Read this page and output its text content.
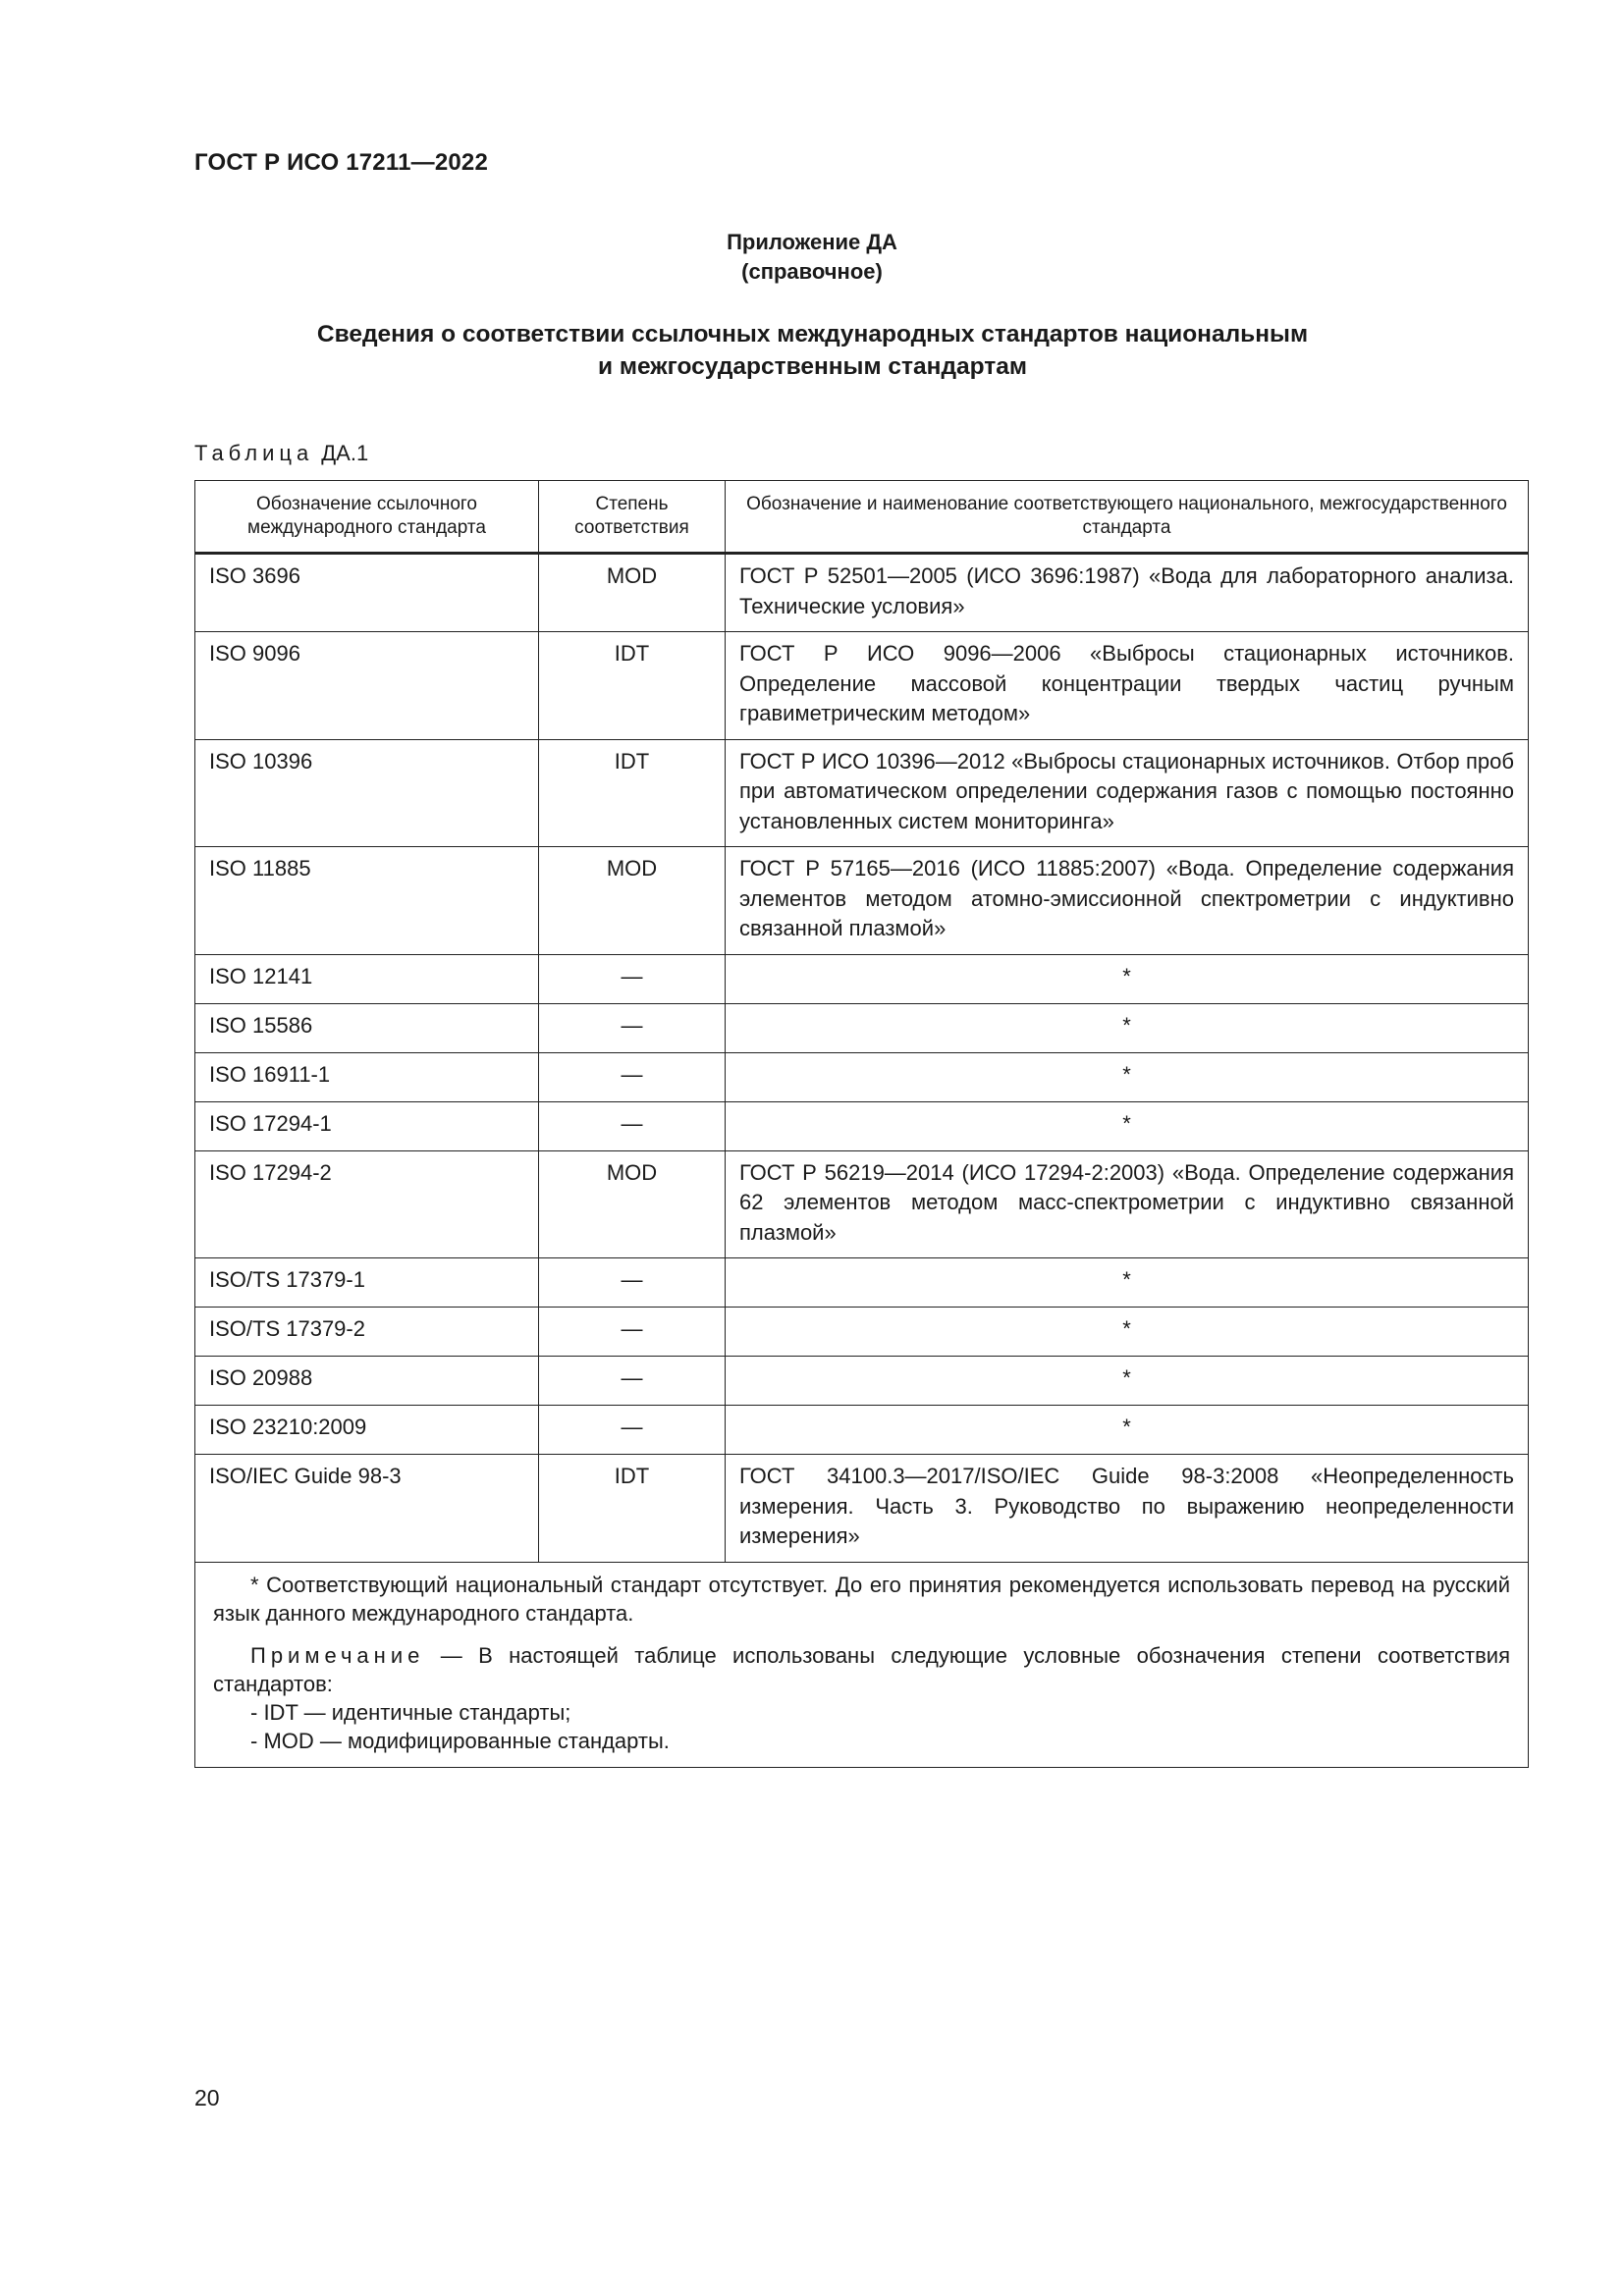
ГОСТ Р ИСО 17211—2022
Приложение ДА
(справочное)
Сведения о соответствии ссылочных международных стандартов национальным
и межгосударственным стандартам
Таблица ДА.1
Обозначение ссылочного международного стандарта	Степень соответствия	Обозначение и наименование соответствующего национального, межгосударственного стандарта
ISO 3696	MOD	ГОСТ Р 52501—2005 (ИСО 3696:1987) «Вода для лабораторного анализа. Технические условия»
ISO 9096	IDT	ГОСТ Р ИСО 9096—2006 «Выбросы стационарных источников. Определение массовой концентрации твердых частиц ручным гравиметрическим методом»
ISO 10396	IDT	ГОСТ Р ИСО 10396—2012 «Выбросы стационарных источников. Отбор проб при автоматическом определении содержания газов с помощью постоянно установленных систем мониторинга»
ISO 11885	MOD	ГОСТ Р 57165—2016 (ИСО 11885:2007) «Вода. Определение содержания элементов методом атомно-эмиссионной спектрометрии с индуктивно связанной плазмой»
ISO 12141	—	*
ISO 15586	—	*
ISO 16911-1	—	*
ISO 17294-1	—	*
ISO 17294-2	MOD	ГОСТ Р 56219—2014 (ИСО 17294-2:2003) «Вода. Определение содержания 62 элементов методом масс-спектрометрии с индуктивно связанной плазмой»
ISO/TS 17379-1	—	*
ISO/TS 17379-2	—	*
ISO 20988	—	*
ISO 23210:2009	—	*
ISO/IEC Guide 98-3	IDT	ГОСТ 34100.3—2017/ISO/IEC Guide 98-3:2008 «Неопределенность измерения. Часть 3. Руководство по выражению неопределенности измерения»

* Соответствующий национальный стандарт отсутствует. До его принятия рекомендуется использовать перевод на русский язык данного международного стандарта.

Примечание — В настоящей таблице использованы следующие условные обозначения степени соответствия стандартов:

- IDT — идентичные стандарты;

- MOD — модифицированные стандарты.		

20
